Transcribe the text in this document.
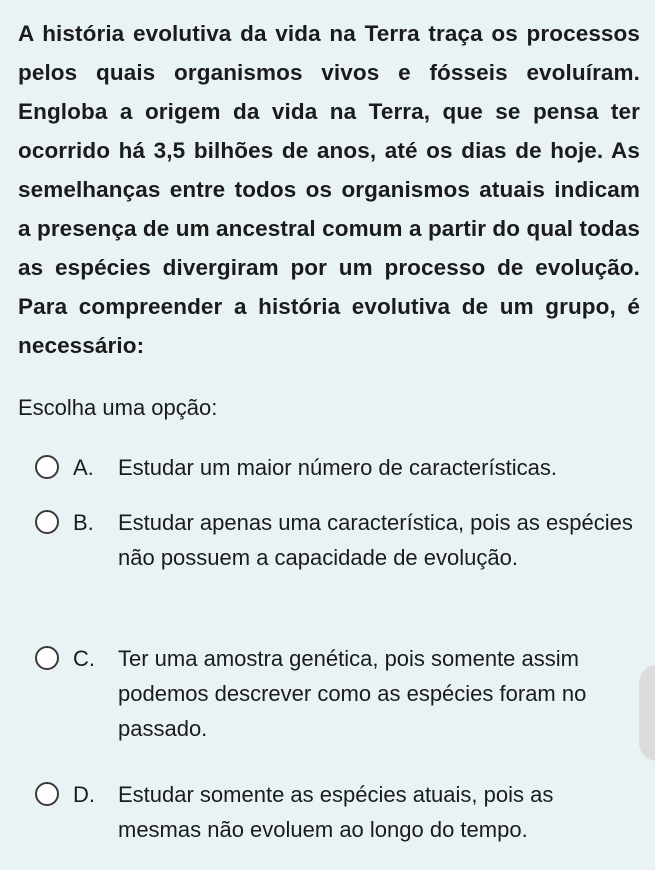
A história evolutiva da vida na Terra traça os processos pelos quais organismos vivos e fósseis evoluíram. Engloba a origem da vida na Terra, que se pensa ter ocorrido há 3,5 bilhões de anos, até os dias de hoje. As semelhanças entre todos os organismos atuais indicam a presença de um ancestral comum a partir do qual todas as espécies divergiram por um processo de evolução. Para compreender a história evolutiva de um grupo, é necessário:
Escolha uma opção:
A.	Estudar um maior número de características.
B.	Estudar apenas uma característica, pois as espécies não possuem a capacidade de evolução.
C.	Ter uma amostra genética, pois somente assim podemos descrever como as espécies foram no passado.
D.	Estudar somente as espécies atuais, pois as mesmas não evoluem ao longo do tempo.
